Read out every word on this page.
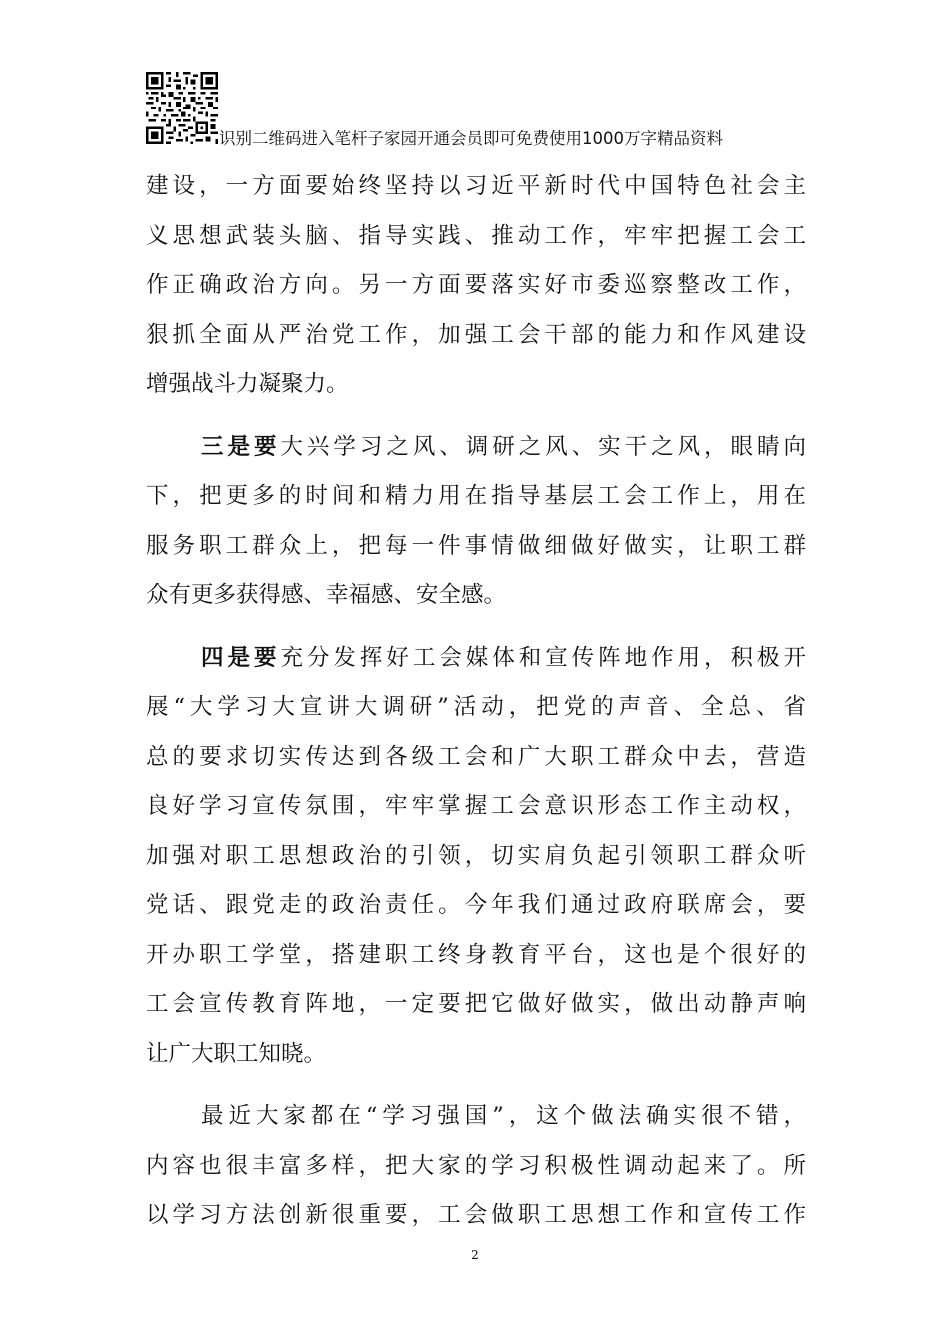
识别二维码进入笔杆子家园开通会员即可免费使用1000万字精品资料
建设，一方面要始终坚持以习近平新时代中国特色社会主
义思想武装头脑、指导实践、推动工作，牢牢把握工会工
作正确政治方向。另一方面要落实好市委巡察整改工作，
狠抓全面从严治党工作，加强工会干部的能力和作风建设
增强战斗力凝聚力。
三是要大兴学习之风、调研之风、实干之风，眼睛向
下，把更多的时间和精力用在指导基层工会工作上，用在
服务职工群众上，把每一件事情做细做好做实，让职工群
众有更多获得感、幸福感、安全感。
四是要充分发挥好工会媒体和宣传阵地作用，积极开
展“大学习大宣讲大调研”活动，把党的声音、全总、省
总的要求切实传达到各级工会和广大职工群众中去，营造
良好学习宣传氛围，牢牢掌握工会意识形态工作主动权，
加强对职工思想政治的引领，切实肩负起引领职工群众听
党话、跟党走的政治责任。今年我们通过政府联席会，要
开办职工学堂，搭建职工终身教育平台，这也是个很好的
工会宣传教育阵地，一定要把它做好做实，做出动静声响
让广大职工知晓。
最近大家都在“学习强国”，这个做法确实很不错，
内容也很丰富多样，把大家的学习积极性调动起来了。所
以学习方法创新很重要，工会做职工思想工作和宣传工作
2
